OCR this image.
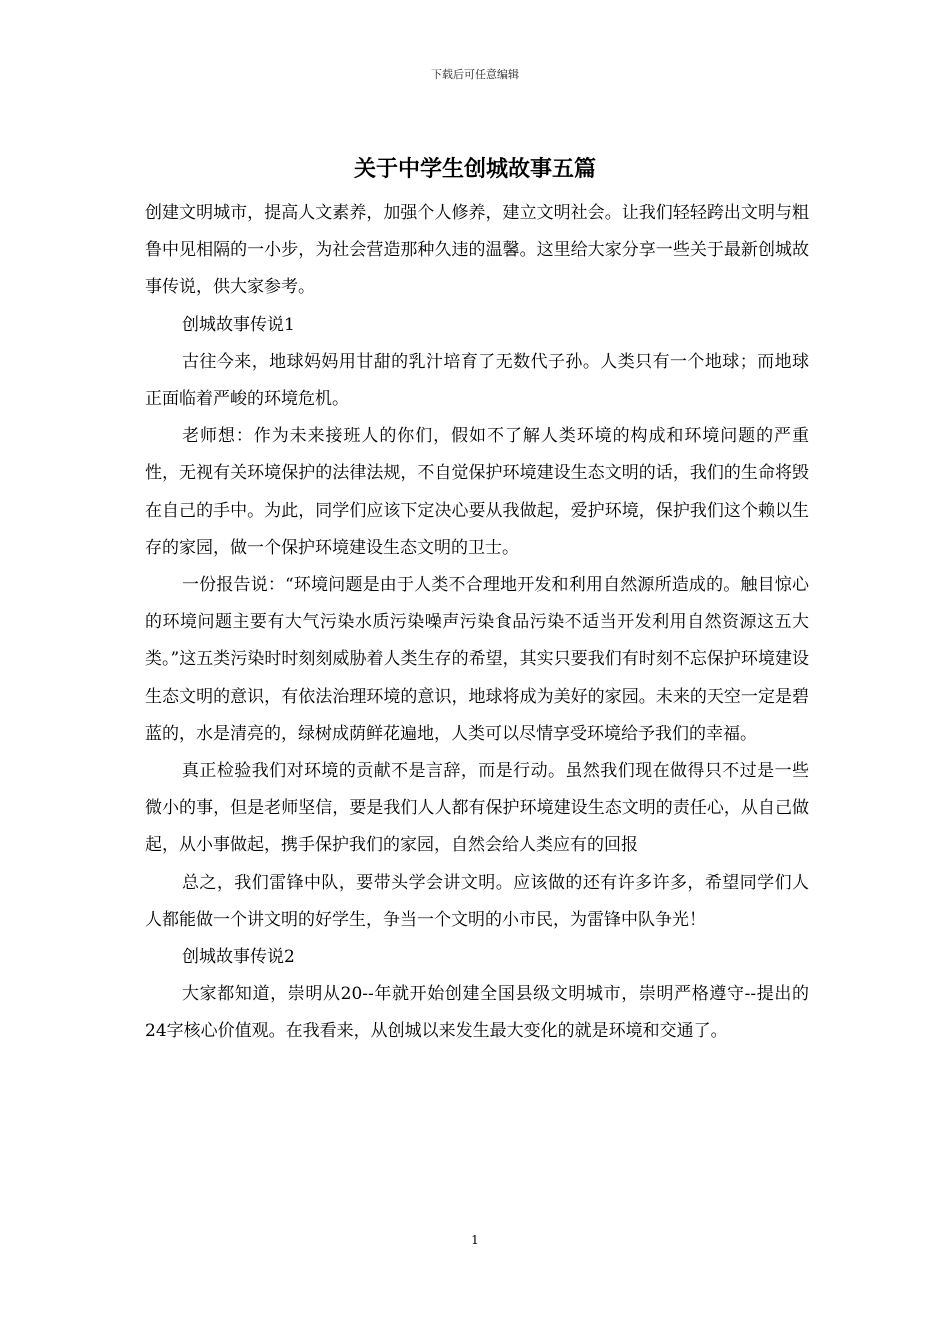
下载后可任意编辑
关于中学生创城故事五篇

创建文明城市，提高人文素养，加强个人修养，建立文明社会。让我们轻轻跨出文明与粗鲁中见相隔的一小步，为社会营造那种久违的温馨。这里给大家分享一些关于最新创城故事传说，供大家参考。

创城故事传说1

古往今来，地球妈妈用甘甜的乳汁培育了无数代子孙。人类只有一个地球；而地球正面临着严峻的环境危机。

老师想：作为未来接班人的你们，假如不了解人类环境的构成和环境问题的严重性，无视有关环境保护的法律法规，不自觉保护环境建设生态文明的话，我们的生命将毁在自己的手中。为此，同学们应该下定决心要从我做起，爱护环境，保护我们这个赖以生存的家园，做一个保护环境建设生态文明的卫士。

一份报告说：“环境问题是由于人类不合理地开发和利用自然源所造成的。触目惊心的环境问题主要有大气污染水质污染噪声污染食品污染不适当开发利用自然资源这五大类。”这五类污染时时刻刻威胁着人类生存的希望，其实只要我们有时刻不忘保护环境建设生态文明的意识，有依法治理环境的意识，地球将成为美好的家园。未来的天空一定是碧蓝的，水是清亮的，绿树成荫鲜花遍地，人类可以尽情享受环境给予我们的幸福。

真正检验我们对环境的贡献不是言辞，而是行动。虽然我们现在做得只不过是一些微小的事，但是老师坚信，要是我们人人都有保护环境建设生态文明的责任心，从自己做起，从小事做起，携手保护我们的家园，自然会给人类应有的回报

总之，我们雷锋中队，要带头学会讲文明。应该做的还有许多许多，希望同学们人人都能做一个讲文明的好学生，争当一个文明的小市民，为雷锋中队争光！

创城故事传说2

大家都知道，崇明从20--年就开始创建全国县级文明城市，崇明严格遵守--提出的24字核心价值观。在我看来，从创城以来发生最大变化的就是环境和交通了。

1
